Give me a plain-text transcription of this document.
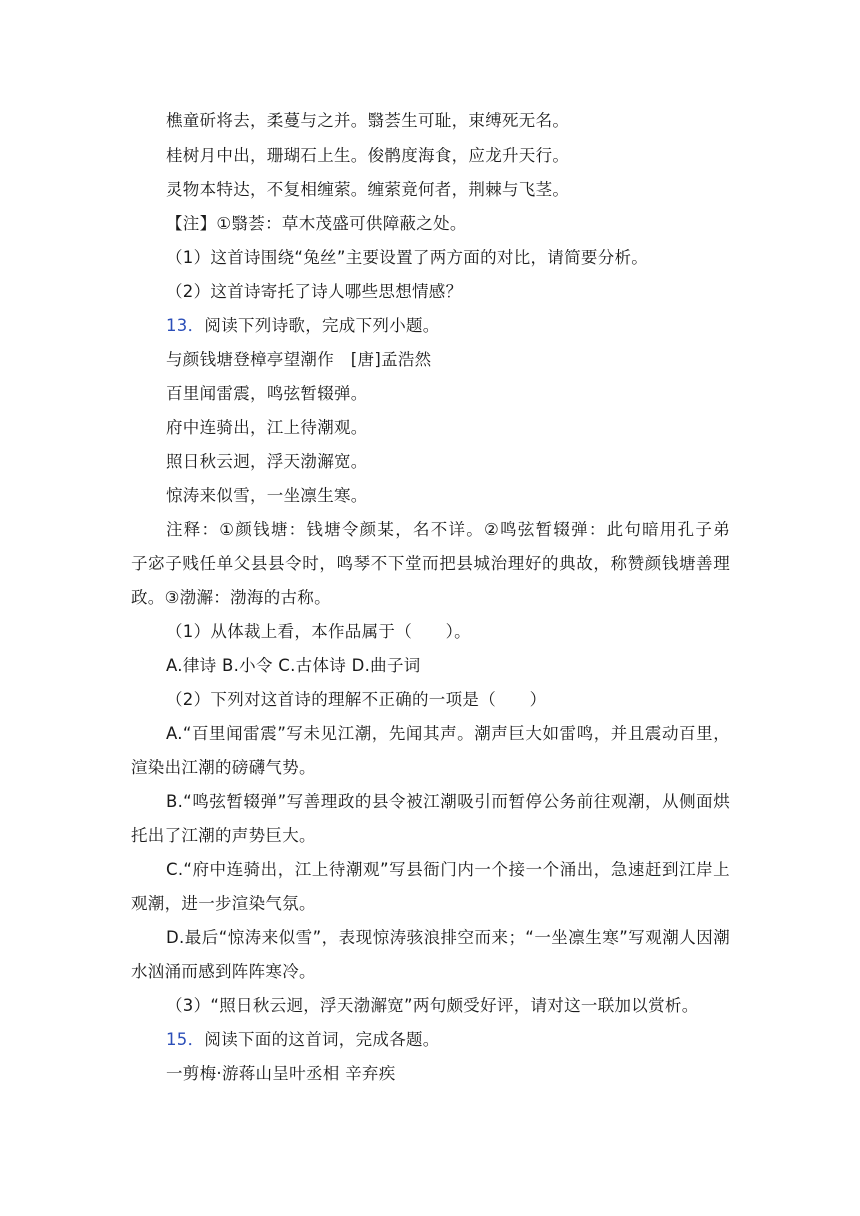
樵童斫将去，柔蔓与之并。翳荟生可耻，束缚死无名。

桂树月中出，珊瑚石上生。俊鹘度海食，应龙升天行。

灵物本特达，不复相缠萦。缠萦竟何者，荆棘与飞茎。

【注】①翳荟：草木茂盛可供障蔽之处。

（1）这首诗围绕“兔丝”主要设置了两方面的对比，请简要分析。

（2）这首诗寄托了诗人哪些思想情感？

13．阅读下列诗歌，完成下列小题。

与颜钱塘登樟亭望潮作　[唐]孟浩然

百里闻雷震，鸣弦暂辍弹。

府中连骑出，江上待潮观。

照日秋云迥，浮天渤澥宽。

惊涛来似雪，一坐凛生寒。

注释：①颜钱塘：钱塘令颜某，名不详。②鸣弦暂辍弹：此句暗用孔子弟

子宓子贱任单父县县令时，鸣琴不下堂而把县城治理好的典故，称赞颜钱塘善理

政。③渤澥：渤海的古称。

（1）从体裁上看，本作品属于（　　）。

A.律诗 B.小令 C.古体诗 D.曲子词

（2）下列对这首诗的理解不正确的一项是（　　）

A.“百里闻雷震”写未见江潮，先闻其声。潮声巨大如雷鸣，并且震动百里，

渲染出江潮的磅礴气势。

B.“鸣弦暂辍弹”写善理政的县令被江潮吸引而暂停公务前往观潮，从侧面烘

托出了江潮的声势巨大。

C.“府中连骑出，江上待潮观”写县衙门内一个接一个涌出，急速赶到江岸上

观潮，进一步渲染气氛。

D.最后“惊涛来似雪”，表现惊涛骇浪排空而来；“一坐凛生寒”写观潮人因潮

水汹涌而感到阵阵寒冷。

（3）“照日秋云迥，浮天渤澥宽”两句颇受好评，请对这一联加以赏析。

15．阅读下面的这首词，完成各题。

一剪梅·游蒋山呈叶丞相 辛弃疾
